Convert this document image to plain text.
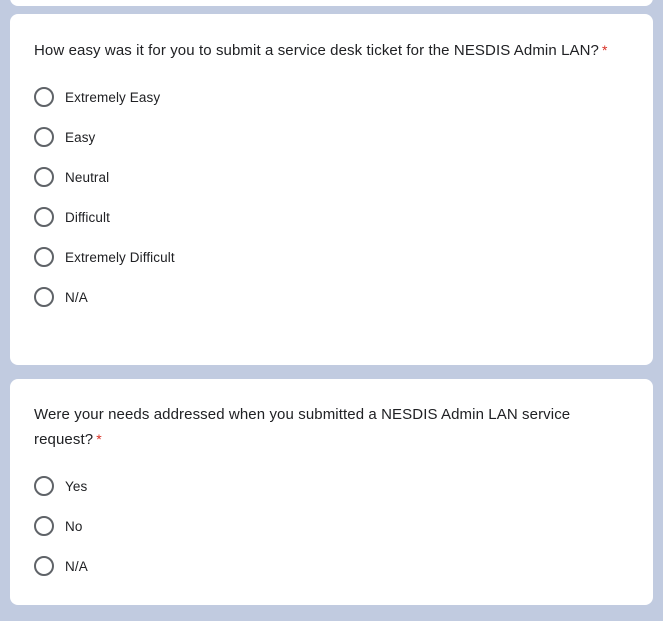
How easy was it for you to submit a service desk ticket for the NESDIS Admin LAN? *
Extremely Easy
Easy
Neutral
Difficult
Extremely Difficult
N/A
Were your needs addressed when you submitted a NESDIS Admin LAN service request? *
Yes
No
N/A
